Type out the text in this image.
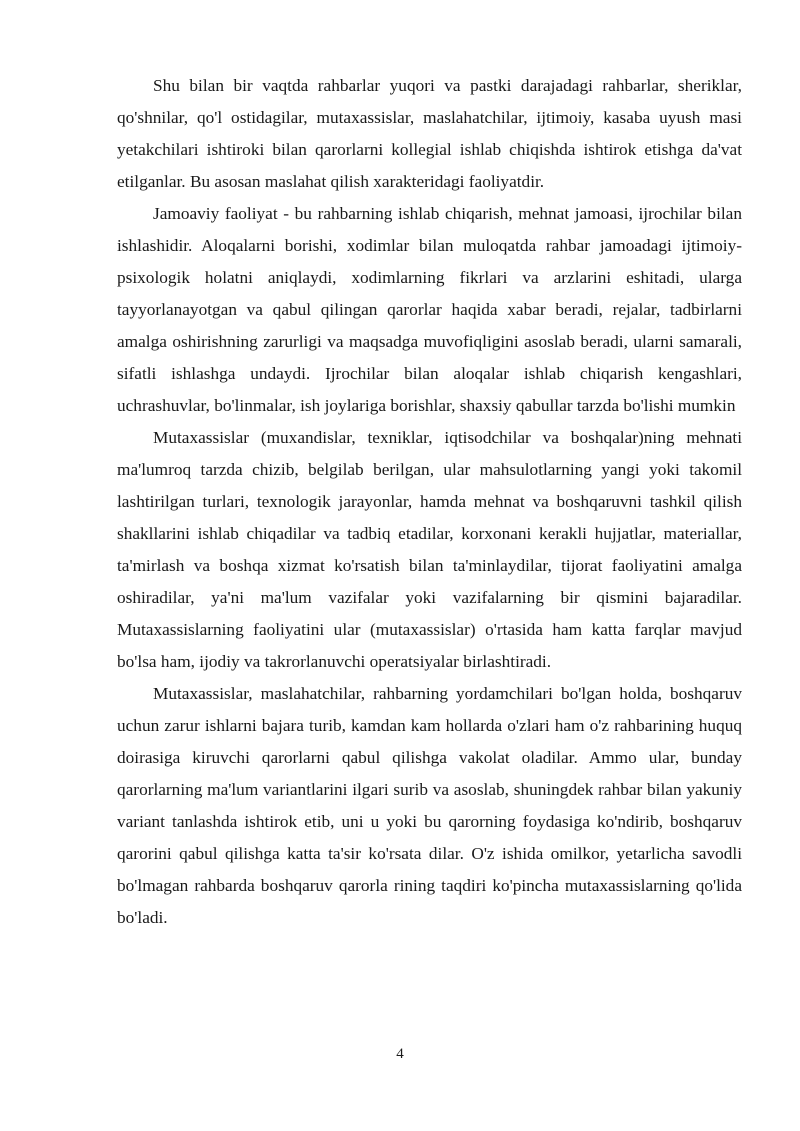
Shu bilan bir vaqtda rahbarlar yuqori va pastki darajadagi rahbarlar, sheriklar, qo'shnilar, qo'l ostidagilar, mutaxassislar, maslahatchilar, ijtimoiy, kasaba uyush masi yetakchilari ishtiroki bilan qarorlarni kollegial ishlab chiqishda ishtirok etishga da'vat etilganlar. Bu asosan maslahat qilish xarakteridagi faoliyatdir.

Jamoaviy faoliyat - bu rahbarning ishlab chiqarish, mehnat jamoasi, ijrochilar bilan ishlashidir. Aloqalarni borishi, xodimlar bilan muloqatda rahbar jamoadagi ijtimoiy-psixologik holatni aniqlaydi, xodimlarning fikrlari va arzlarini eshitadi, ularga tayyorlanayotgan va qabul qilingan qarorlar haqida xabar beradi, rejalar, tadbirlarni amalga oshirishning zarurligi va maqsadga muvofiqligini asoslab beradi, ularni samarali, sifatli ishlashga undaydi. Ijrochilar bilan aloqalar ishlab chiqarish kengashlari, uchrashuvlar, bo'linmalar, ish joylariga borishlar, shaxsiy qabullar tarzda bo'lishi mumkin

Mutaxassislar (muxandislar, texniklar, iqtisodchilar va boshqalar)ning mehnati ma'lumroq tarzda chizib, belgilab berilgan, ular mahsulotlarning yangi yoki takomil lashtirilgan turlari, texnologik jarayonlar, hamda mehnat va boshqaruvni tashkil qilish shakllarini ishlab chiqadilar va tadbiq etadilar, korxonani kerakli hujjatlar, materiallar, ta'mirlash va boshqa xizmat ko'rsatish bilan ta'minlaydilar, tijorat faoliyatini amalga oshiradilar, ya'ni ma'lum vazifalar yoki vazifalarning bir qismini bajaradilar. Mutaxassislarning faoliyatini ular (mutaxassislar) o'rtasida ham katta farqlar mavjud bo'lsa ham, ijodiy va takrorlanuvchi operatsiyalar birlashtiradi.

Mutaxassislar, maslahatchilar, rahbarning yordamchilari bo'lgan holda, boshqaruv uchun zarur ishlarni bajara turib, kamdan kam hollarda o'zlari ham o'z rahbarining huquq doirasiga kiruvchi qarorlarni qabul qilishga vakolat oladilar. Ammo ular, bunday qarorlarning ma'lum variantlarini ilgari surib va asoslab, shuningdek rahbar bilan yakuniy variant tanlashda ishtirok etib, uni u yoki bu qarorning foydasiga ko'ndirib, boshqaruv qarorini qabul qilishga katta ta'sir ko'rsata dilar. O'z ishida omilkor, yetarlicha savodli bo'lmagan rahbarda boshqaruv qarorla rining taqdiri ko'pincha mutaxassislarning qo'lida bo'ladi.

4
